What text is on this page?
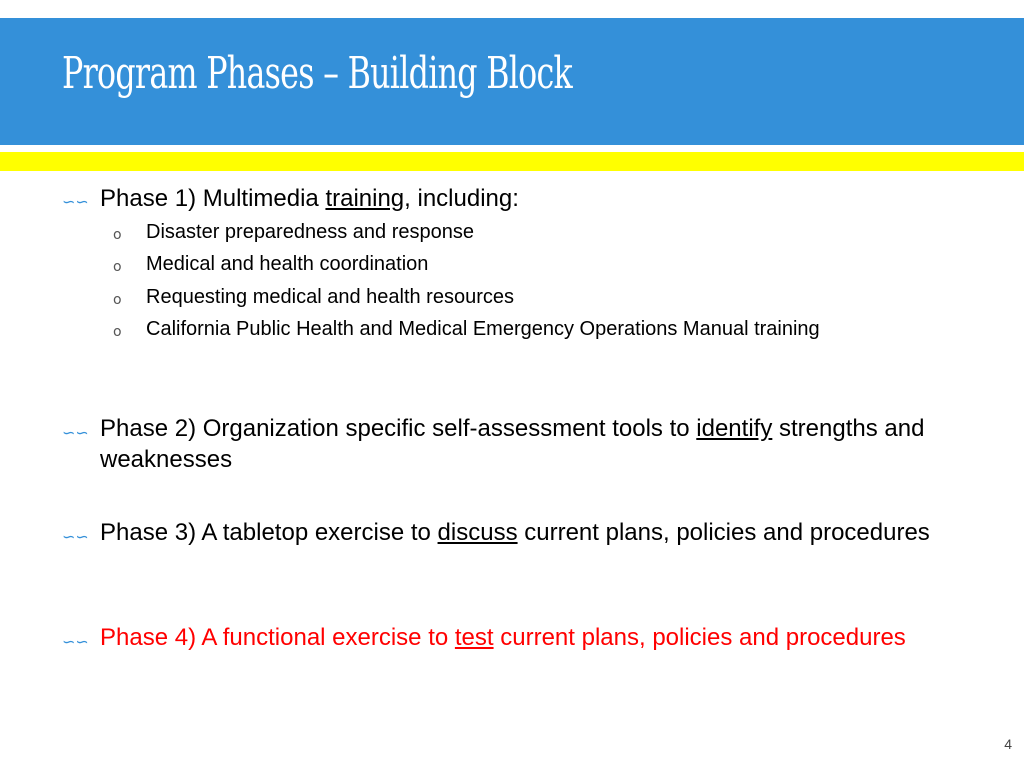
Program Phases – Building Block
∽∽ Phase 1) Multimedia training, including:
o Disaster preparedness and response
o Medical and health coordination
o Requesting medical and health resources
o California Public Health and Medical Emergency Operations Manual training
∽∽ Phase 2) Organization specific self-assessment tools to identify strengths and weaknesses
∽∽ Phase 3) A tabletop exercise to discuss current plans, policies and procedures
∽∽ Phase 4) A functional exercise to test current plans, policies and procedures
4
